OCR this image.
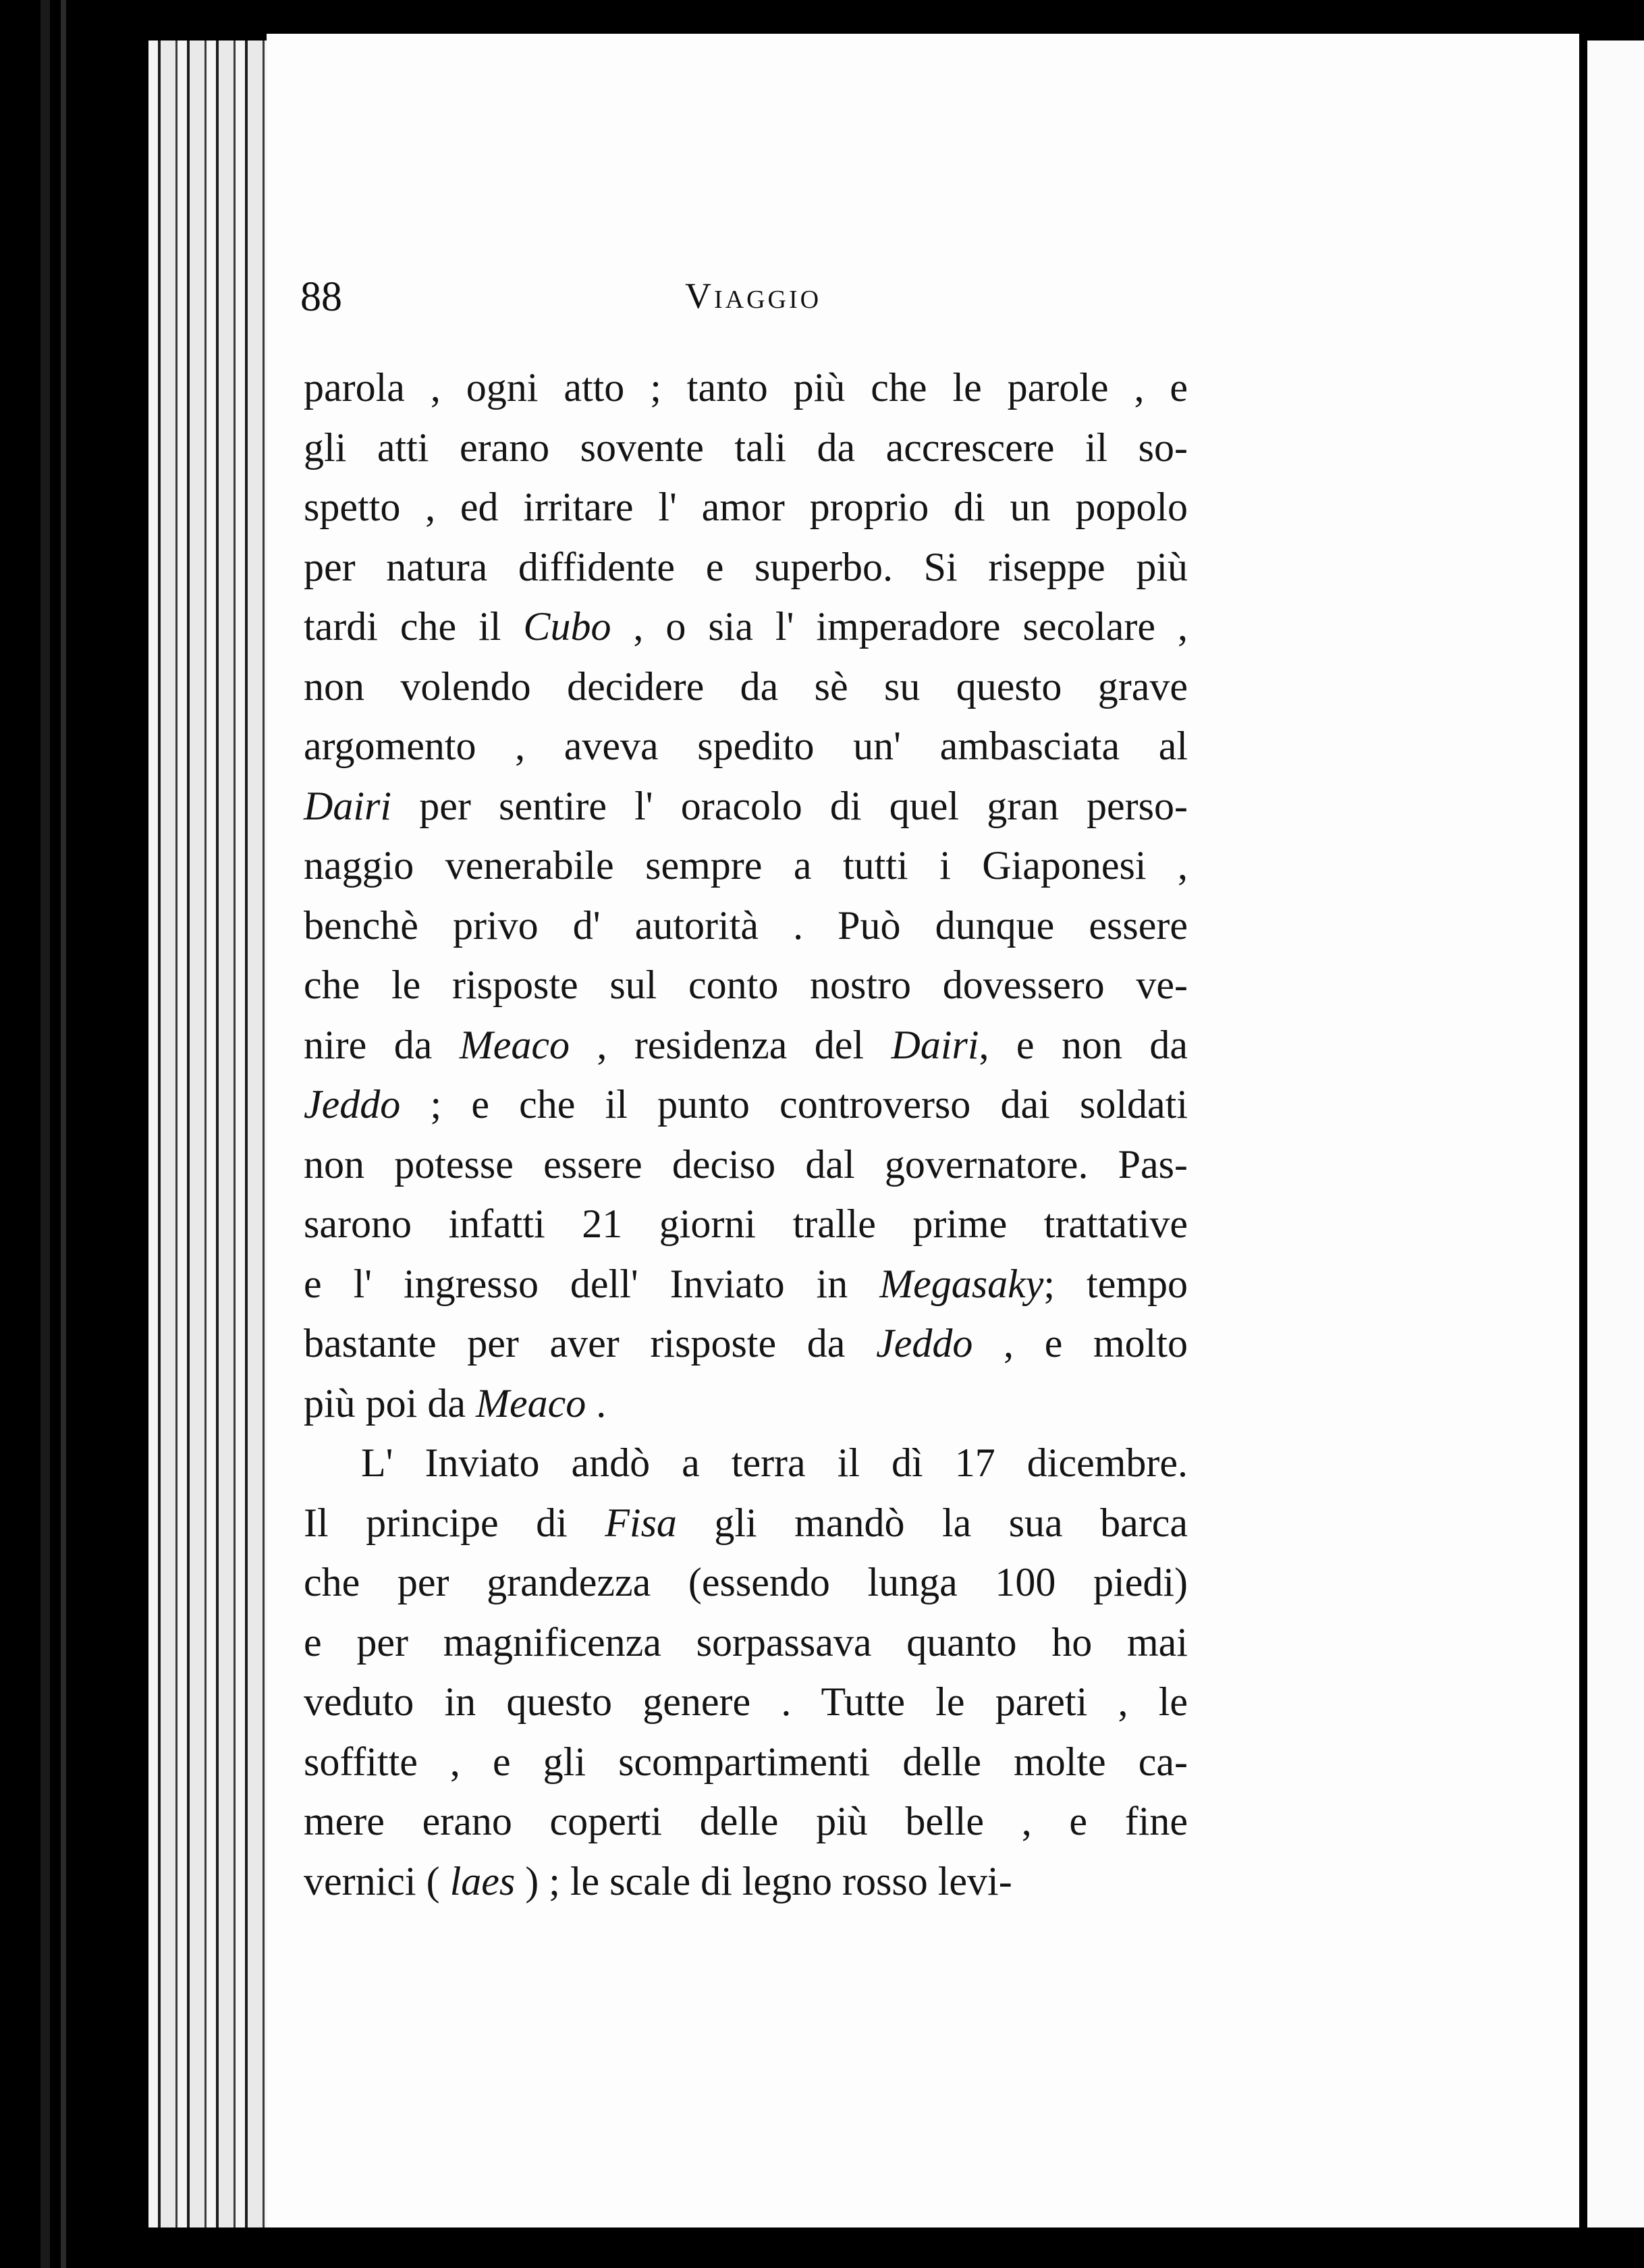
88	Viaggio
parola , ogni atto ; tanto più che le parole , e
gli atti erano sovente tali da accrescere il so-
spetto , ed irritare l' amor proprio di un popolo
per natura diffidente e superbo. Si riseppe più
tardi che il Cubo , o sia l' imperadore secolare ,
non volendo decidere da sè su questo grave
argomento , aveva spedito un' ambasciata al
Dairi per sentire l' oracolo di quel gran perso-
naggio venerabile sempre a tutti i Giaponesi ,
benchè privo d' autorità . Può dunque essere
che le risposte sul conto nostro dovessero ve-
nire da Meaco , residenza del Dairi, e non da
Jeddo ; e che il punto controverso dai soldati
non potesse essere deciso dal governatore. Pas-
sarono infatti 21 giorni tralle prime trattative
e l' ingresso dell' Inviato in Megasaky; tempo
bastante per aver risposte da Jeddo , e molto
più poi da Meaco .
L' Inviato andò a terra il dì 17 dicembre.
Il principe di Fisa gli mandò la sua barca
che per grandezza (essendo lunga 100 piedi)
e per magnificenza sorpassava quanto ho mai
veduto in questo genere . Tutte le pareti , le
soffitte , e gli scompartimenti delle molte ca-
mere erano coperti delle più belle , e fine
vernici ( laes ) ; le scale di legno rosso levi-
